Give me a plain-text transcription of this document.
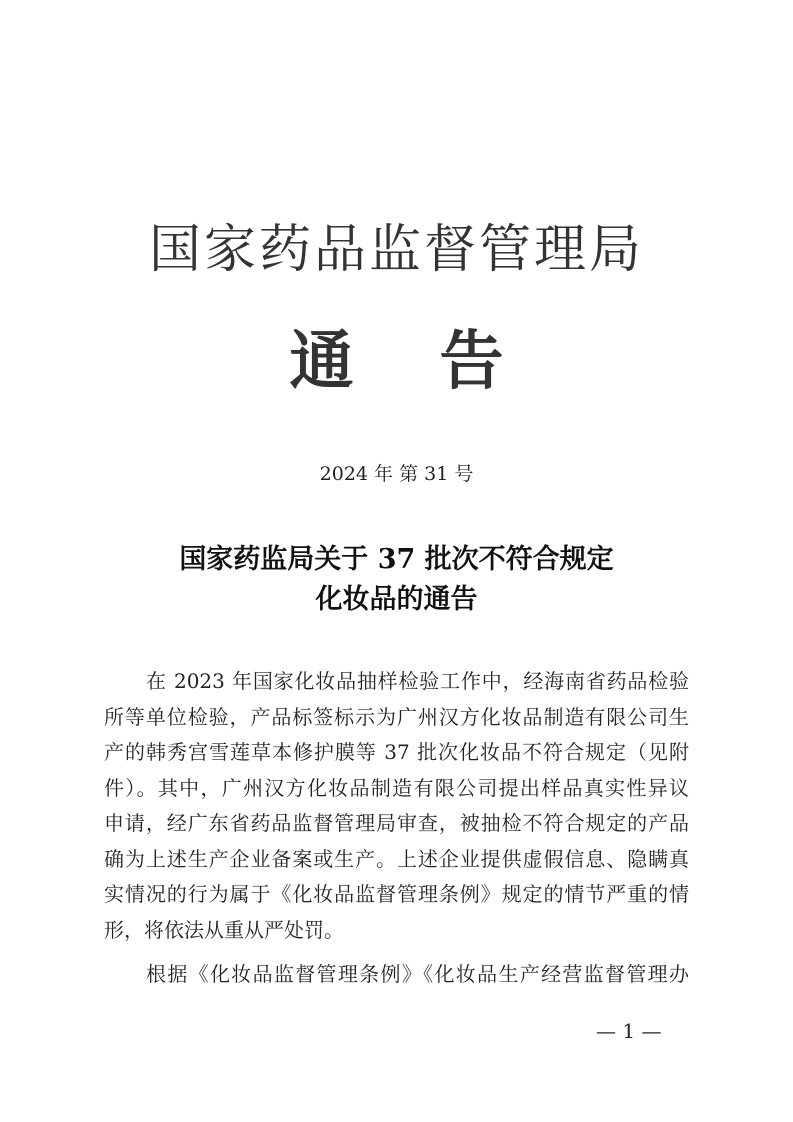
国家药品监督管理局
通告
2024 年 第 31 号
国家药监局关于 37 批次不符合规定
化妆品的通告
在 2023 年国家化妆品抽样检验工作中，经海南省药品检验
所等单位检验，产品标签标示为广州汉方化妆品制造有限公司生
产的韩秀宫雪莲草本修护膜等 37 批次化妆品不符合规定（见附
件）。其中，广州汉方化妆品制造有限公司提出样品真实性异议
申请，经广东省药品监督管理局审查，被抽检不符合规定的产品
确为上述生产企业备案或生产。上述企业提供虚假信息、隐瞒真
实情况的行为属于《化妆品监督管理条例》规定的情节严重的情
形，将依法从重从严处罚。
根据《化妆品监督管理条例》《化妆品生产经营监督管理办
— 1 —
